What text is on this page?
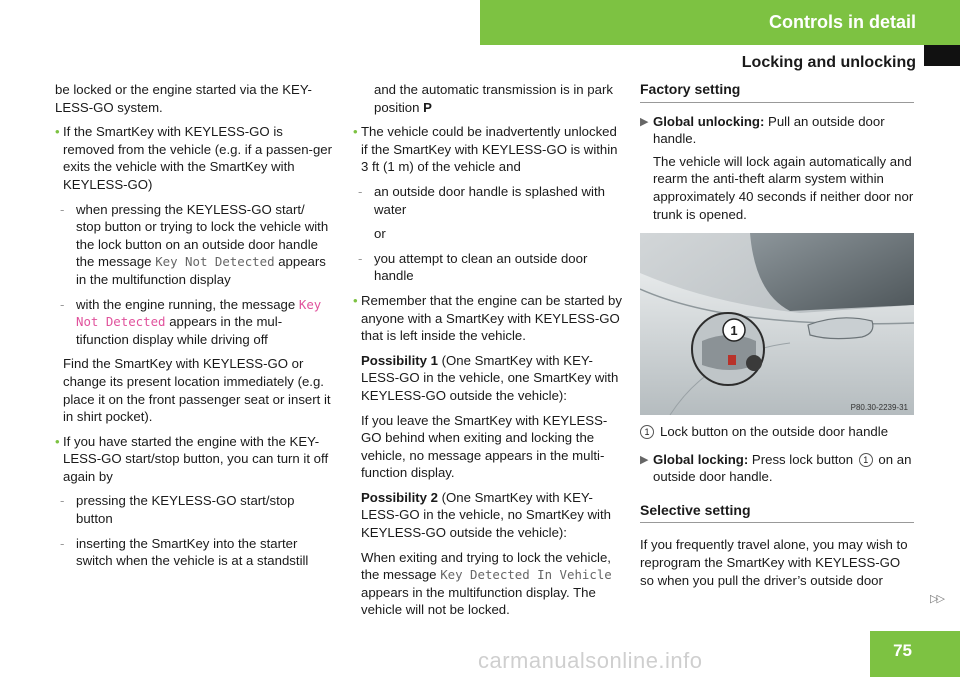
Controls in detail
Locking and unlocking

be locked or the engine started via the KEY-LESS-GO system.

• If the SmartKey with KEYLESS-GO is removed from the vehicle (e.g. if a passen-ger exits the vehicle with the SmartKey with KEYLESS-GO)

- when pressing the KEYLESS-GO start/ stop button or trying to lock the vehicle with the lock button on an outside door handle the message Key Not Detected appears in the multifunction display

- with the engine running, the message Key Not Detected appears in the mul-tifunction display while driving off

Find the SmartKey with KEYLESS-GO or change its present location immediately (e.g. place it on the front passenger seat or insert it in shirt pocket).

• If you have started the engine with the KEY-LESS-GO start/stop button, you can turn it off again by

- pressing the KEYLESS-GO start/stop button

- inserting the SmartKey into the starter switch when the vehicle is at a standstill

and the automatic transmission is in park position P

• The vehicle could be inadvertently unlocked if the SmartKey with KEYLESS-GO is within 3 ft (1 m) of the vehicle and

- an outside door handle is splashed with water

or

- you attempt to clean an outside door handle

• Remember that the engine can be started by anyone with a SmartKey with KEYLESS-GO that is left inside the vehicle.

Possibility 1 (One SmartKey with KEY-LESS-GO in the vehicle, one SmartKey with KEYLESS-GO outside the vehicle):

If you leave the SmartKey with KEYLESS-GO behind when exiting and locking the vehicle, no message appears in the multi-function display.

Possibility 2 (One SmartKey with KEY-LESS-GO in the vehicle, no SmartKey with KEYLESS-GO outside the vehicle):

When exiting and trying to lock the vehicle, the message Key Detected In Vehicle appears in the multifunction display. The vehicle will not be locked.

Factory setting

▶ Global unlocking: Pull an outside door handle.

The vehicle will lock again automatically and rearm the anti-theft alarm system within approximately 40 seconds if neither door nor trunk is opened.

1
P80.30-2239-31

1 Lock button on the outside door handle

▶ Global locking: Press lock button 1 on an outside door handle.

Selective setting

If you frequently travel alone, you may wish to reprogram the SmartKey with KEYLESS-GO so when you pull the driver’s outside door

▷▷
75
carmanualsonline.info
